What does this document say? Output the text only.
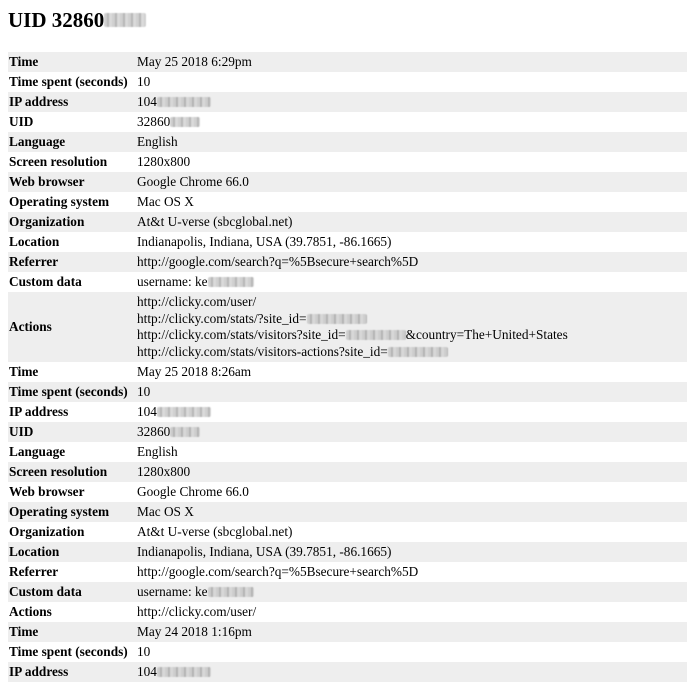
UID 32860
Time	May 25 2018 6:29pm
Time spent (seconds)	10
IP address	104
UID	32860
Language	English
Screen resolution	1280x800
Web browser	Google Chrome 66.0
Operating system	Mac OS X
Organization	At&t U-verse (sbcglobal.net)
Location	Indianapolis, Indiana, USA (39.7851, -86.1665)
Referrer	http://google.com/search?q=%5Bsecure+search%5D
Custom data	username: ke
Actions	http://clicky.com/user/
http://clicky.com/stats/?site_id=
http://clicky.com/stats/visitors?site_id= &country=The+United+States
http://clicky.com/stats/visitors-actions?site_id=

Time	May 25 2018 8:26am
Time spent (seconds)	10
IP address	104
UID	32860
Language	English
Screen resolution	1280x800
Web browser	Google Chrome 66.0
Operating system	Mac OS X
Organization	At&t U-verse (sbcglobal.net)
Location	Indianapolis, Indiana, USA (39.7851, -86.1665)
Referrer	http://google.com/search?q=%5Bsecure+search%5D
Custom data	username: ke
Actions	http://clicky.com/user/
Time	May 24 2018 1:16pm
Time spent (seconds)	10
IP address	104
